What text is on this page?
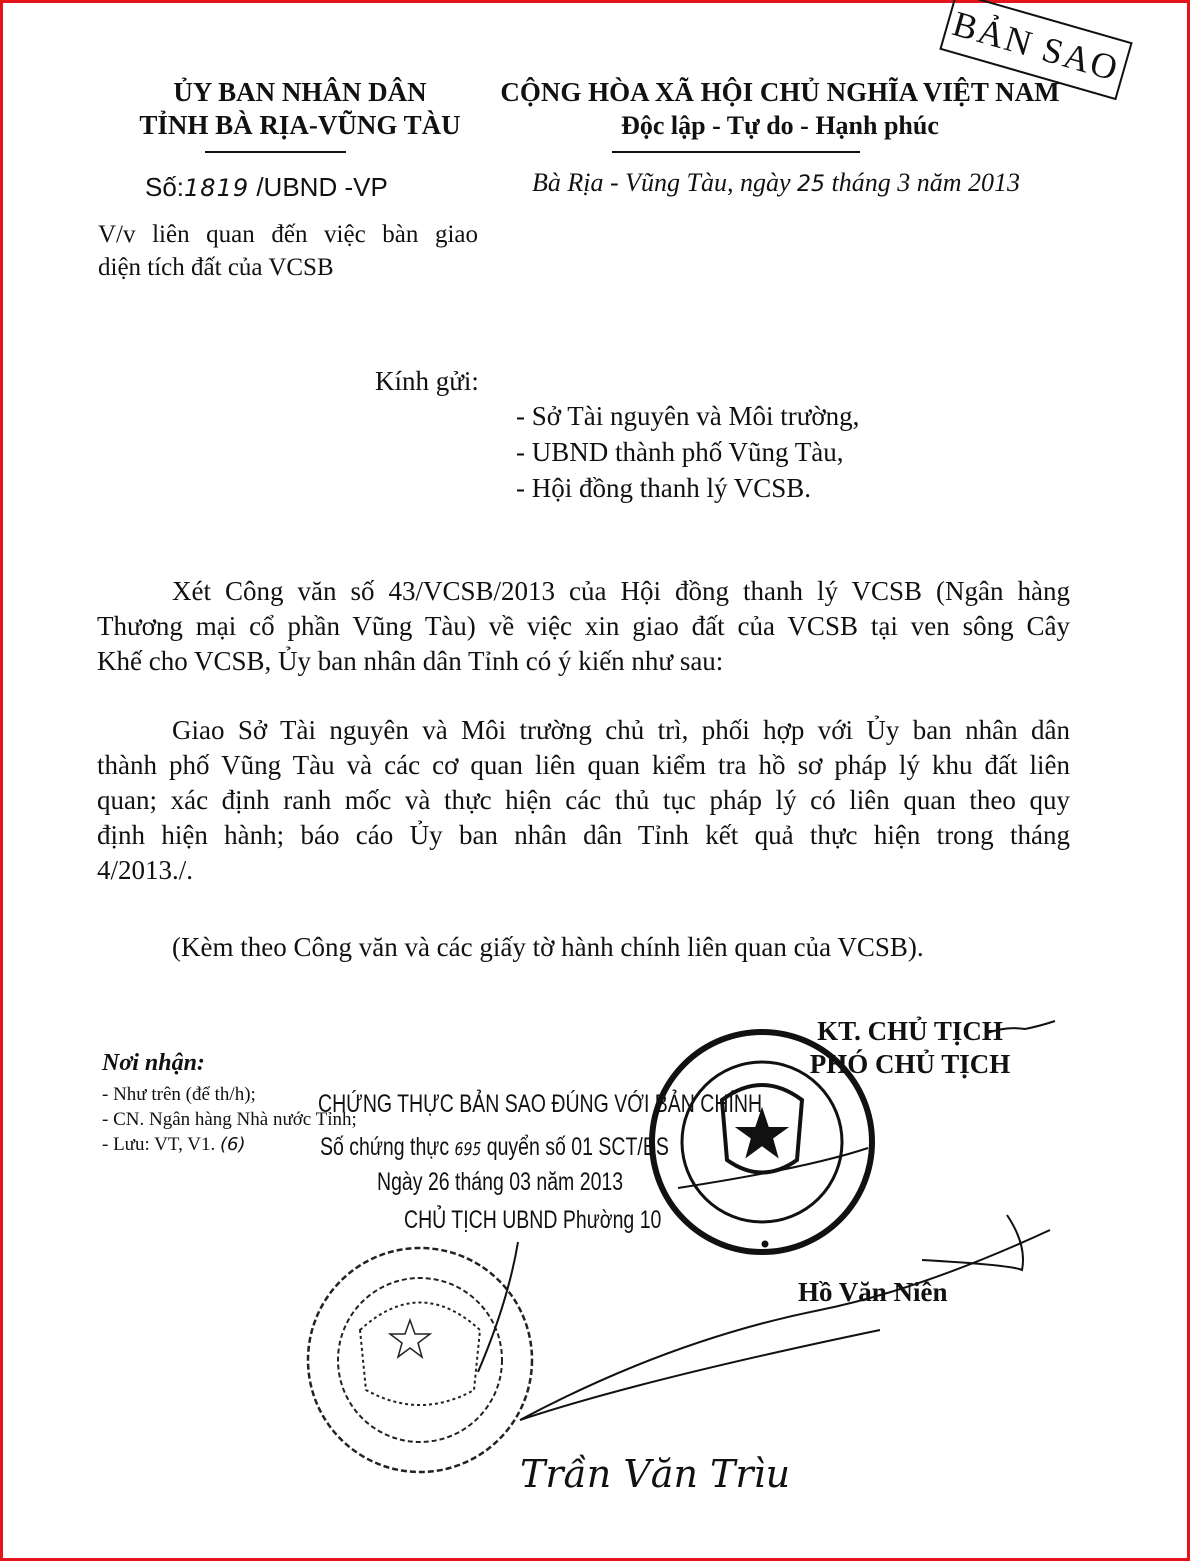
ỦY BAN NHÂN DÂN
TỈNH BÀ RỊA-VŨNG TÀU
CỘNG HÒA XÃ HỘI CHỦ NGHĨA VIỆT NAM
Độc lập - Tự do - Hạnh phúc
BẢN SAO
Số:1819 /UBND -VP	Bà Rịa - Vũng Tàu, ngày 25 tháng 3 năm 2013
V/v liên quan đến việc bàn giao
diện tích đất của VCSB
Kính gửi:
- Sở Tài nguyên và Môi trường,
- UBND thành phố Vũng Tàu,
- Hội đồng thanh lý VCSB.
Xét Công văn số 43/VCSB/2013 của Hội đồng thanh lý VCSB (Ngân hàng
Thương mại cổ phần Vũng Tàu) về việc xin giao đất của VCSB tại ven sông Cây
Khế cho VCSB, Ủy ban nhân dân Tỉnh có ý kiến như sau:
Giao Sở Tài nguyên và Môi trường chủ trì, phối hợp với Ủy ban nhân dân
thành phố Vũng Tàu và các cơ quan liên quan kiểm tra hồ sơ pháp lý khu đất liên
quan; xác định ranh mốc và thực hiện các thủ tục pháp lý có liên quan theo quy
định hiện hành; báo cáo Ủy ban nhân dân Tỉnh kết quả thực hiện trong tháng
4/2013./.
(Kèm theo Công văn và các giấy tờ hành chính liên quan của VCSB).
KT. CHỦ TỊCH
PHÓ CHỦ TỊCH
Hồ Văn Niên
Nơi nhận:
- Như trên (để th/h);
- CN. Ngân hàng Nhà nước Tỉnh;
- Lưu: VT, V1. (6)
CHỨNG THỰC BẢN SAO ĐÚNG VỚI BẢN CHÍNH
Số chứng thực 695 quyển số 01 SCT/BS
Ngày 26 tháng 03 năm 2013
CHỦ TỊCH UBND Phường 10
Trần Văn Trìu
